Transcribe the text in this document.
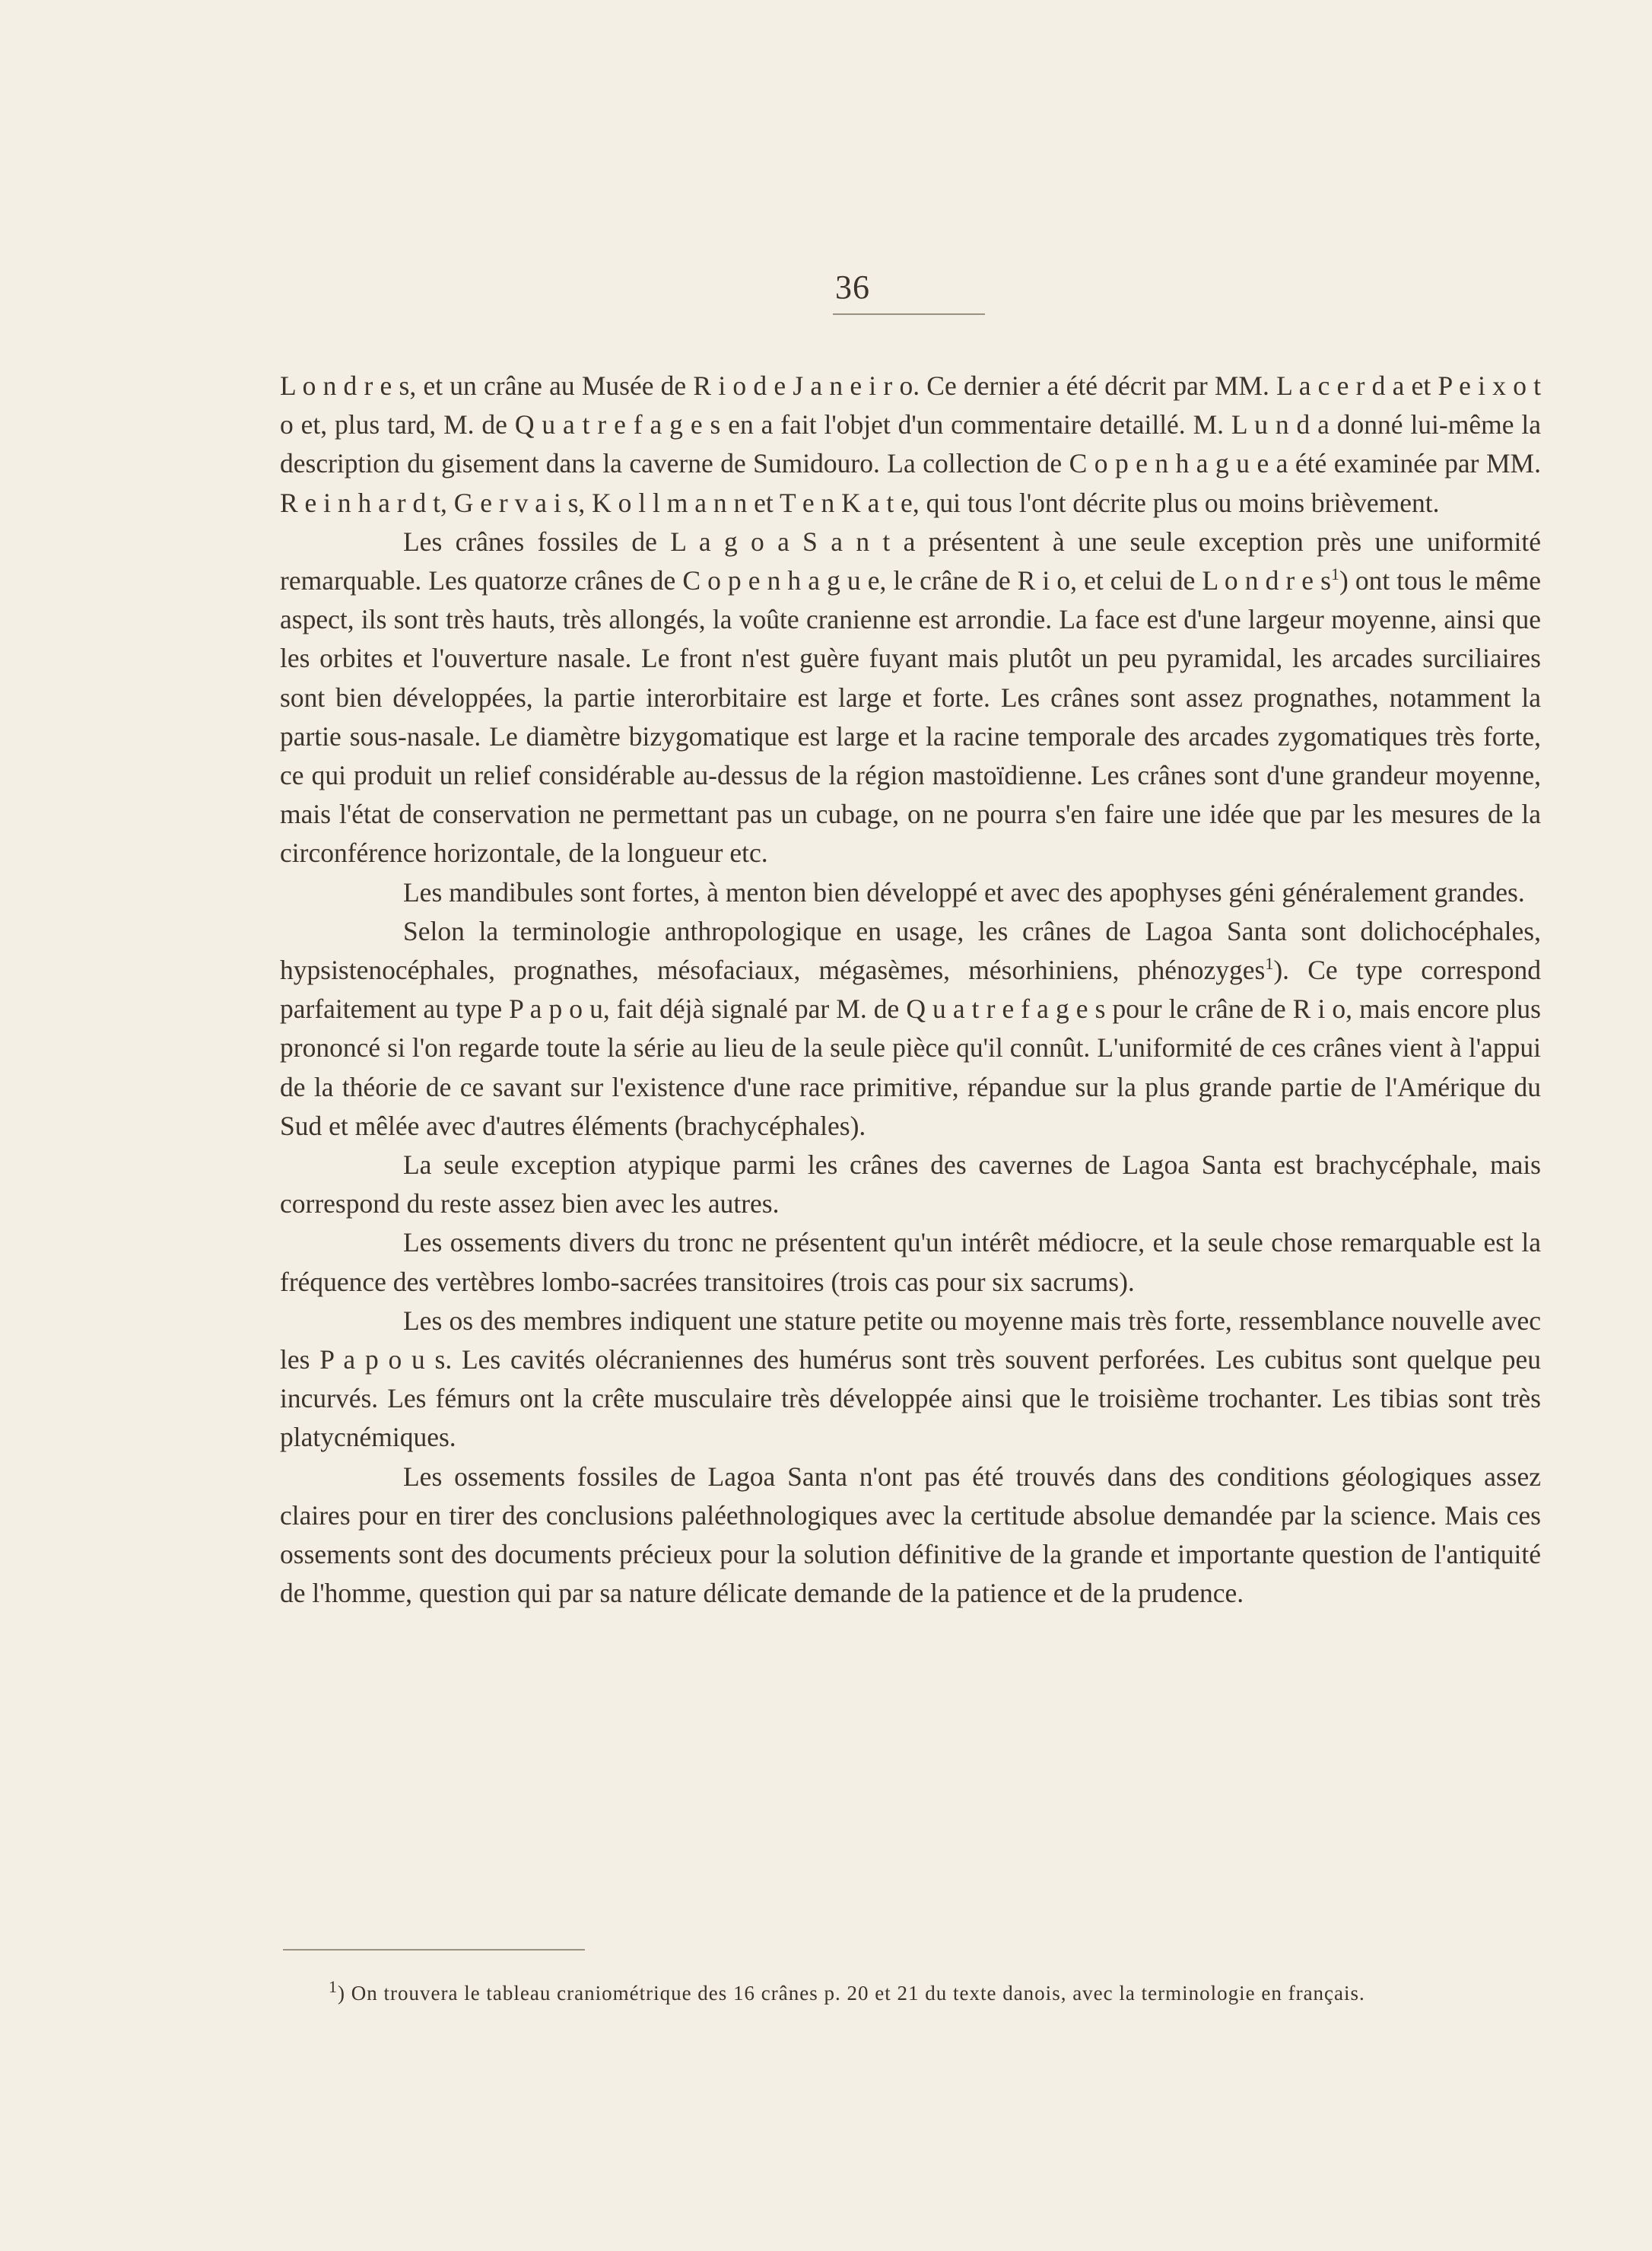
36

L o n d r e s, et un crâne au Musée de R i o d e J a n e i r o. Ce dernier a été décrit par MM. L a c e r d a et P e i x o t o et, plus tard, M. de Q u a t r e f a g e s en a fait l'objet d'un commentaire detaillé. M. L u n d a donné lui-même la description du gisement dans la caverne de Sumidouro. La collection de C o p e n h a g u e a été examinée par MM. R e i n h a r d t, G e r v a i s, K o l l m a n n et T e n K a t e, qui tous l'ont décrite plus ou moins brièvement.

Les crânes fossiles de L a g o a S a n t a présentent à une seule exception près une uniformité remarquable. Les quatorze crânes de C o p e n h a g u e, le crâne de R i o, et celui de L o n d r e $s^1$) ont tous le même aspect, ils sont très hauts, très allongés, la voûte cranienne est arrondie. La face est d'une largeur moyenne, ainsi que les orbites et l'ouverture nasale. Le front n'est guère fuyant mais plutôt un peu pyramidal, les arcades surciliaires sont bien développées, la partie interorbitaire est large et forte. Les crânes sont assez prognathes, notamment la partie sous-nasale. Le diamètre bizygomatique est large et la racine temporale des arcades zygomatiques très forte, ce qui produit un relief considérable au-dessus de la région mastoïdienne. Les crânes sont d'une grandeur moyenne, mais l'état de conservation ne permettant pas un cubage, on ne pourra s'en faire une idée que par les mesures de la circonférence horizontale, de la longueur etc.

Les mandibules sont fortes, à menton bien développé et avec des apophyses géni généralement grandes.

Selon la terminologie anthropologique en usage, les crânes de Lagoa Santa sont dolichocéphales, hypsistenocéphales, prognathes, mésofaciaux, mégasèmes, mésorhiniens, phénozyges$^1$). Ce type correspond parfaitement au type P a p o u, fait déjà signalé par M. de Q u a t r e f a g e s pour le crâne de R i o, mais encore plus prononcé si l'on regarde toute la série au lieu de la seule pièce qu'il connût. L'uniformité de ces crânes vient à l'appui de la théorie de ce savant sur l'existence d'une race primitive, répandue sur la plus grande partie de l'Amérique du Sud et mêlée avec d'autres éléments (brachycéphales).

La seule exception atypique parmi les crânes des cavernes de Lagoa Santa est brachycéphale, mais correspond du reste assez bien avec les autres.

Les ossements divers du tronc ne présentent qu'un intérêt médiocre, et la seule chose remarquable est la fréquence des vertèbres lombo-sacrées transitoires (trois cas pour six sacrums).

Les os des membres indiquent une stature petite ou moyenne mais très forte, ressemblance nouvelle avec les P a p o u s. Les cavités olécraniennes des humérus sont très souvent perforées. Les cubitus sont quelque peu incurvés. Les fémurs ont la crête musculaire très développée ainsi que le troisième trochanter. Les tibias sont très platycnémiques.

Les ossements fossiles de Lagoa Santa n'ont pas été trouvés dans des conditions géologiques assez claires pour en tirer des conclusions paléethnologiques avec la certitude absolue demandée par la science. Mais ces ossements sont des documents précieux pour la solution définitive de la grande et importante question de l'antiquité de l'homme, question qui par sa nature délicate demande de la patience et de la prudence.

$^1$) On trouvera le tableau craniométrique des 16 crânes p. 20 et 21 du texte danois, avec la terminologie en français.
